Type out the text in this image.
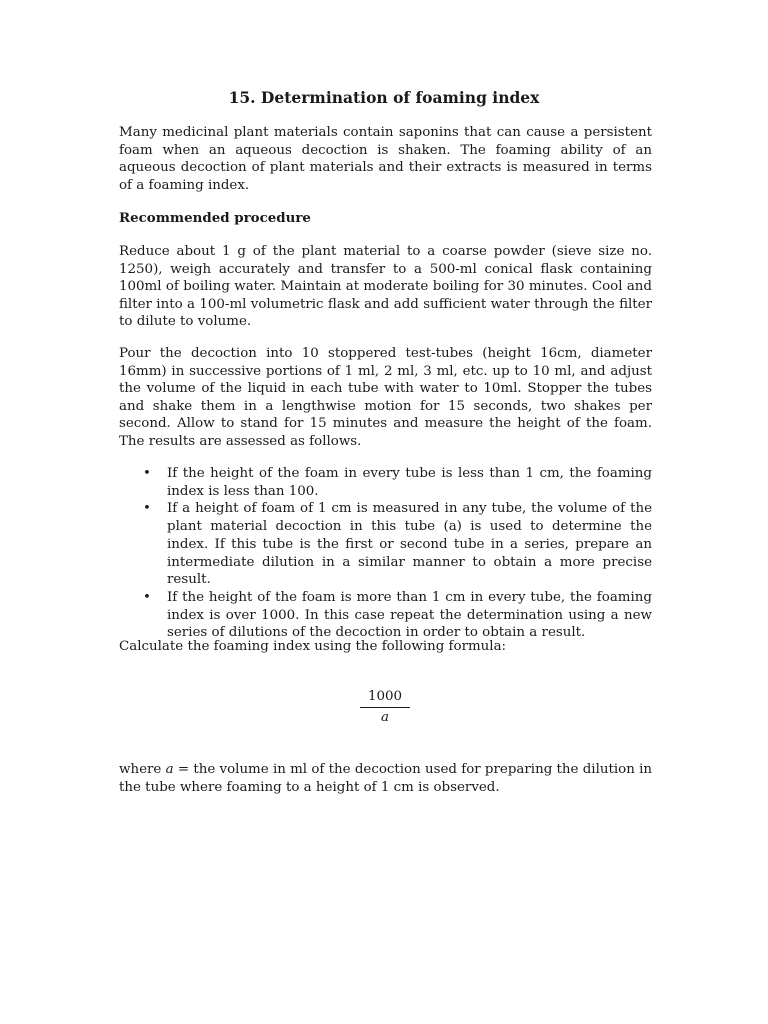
15. Determination of foaming index

Many medicinal plant materials contain saponins that can cause a persistent foam when an aqueous decoction is shaken. The foaming ability of an aqueous decoction of plant materials and their extracts is measured in terms of a foaming index.

Recommended procedure

Reduce about 1 g of the plant material to a coarse powder (sieve size no. 1250), weigh accurately and transfer to a 500-ml conical flask containing 100ml of boiling water. Maintain at moderate boiling for 30 minutes. Cool and filter into a 100-ml volumetric flask and add sufficient water through the filter to dilute to volume.

Pour the decoction into 10 stoppered test-tubes (height 16cm, diameter 16mm) in successive portions of 1 ml, 2 ml, 3 ml, etc. up to 10 ml, and adjust the volume of the liquid in each tube with water to 10ml. Stopper the tubes and shake them in a lengthwise motion for 15 seconds, two shakes per second. Allow to stand for 15 minutes and measure the height of the foam. The results are assessed as follows.

• If the height of the foam in every tube is less than 1 cm, the foaming index is less than 100.
• If a height of foam of 1 cm is measured in any tube, the volume of the plant material decoction in this tube (a) is used to determine the index. If this tube is the first or second tube in a series, prepare an intermediate dilution in a similar manner to obtain a more precise result.
• If the height of the foam is more than 1 cm in every tube, the foaming index is over 1000. In this case repeat the determination using a new series of dilutions of the decoction in order to obtain a result.

Calculate the foaming index using the following formula:

$\frac{1000}{a}$

where a = the volume in ml of the decoction used for preparing the dilution in the tube where foaming to a height of 1 cm is observed.
